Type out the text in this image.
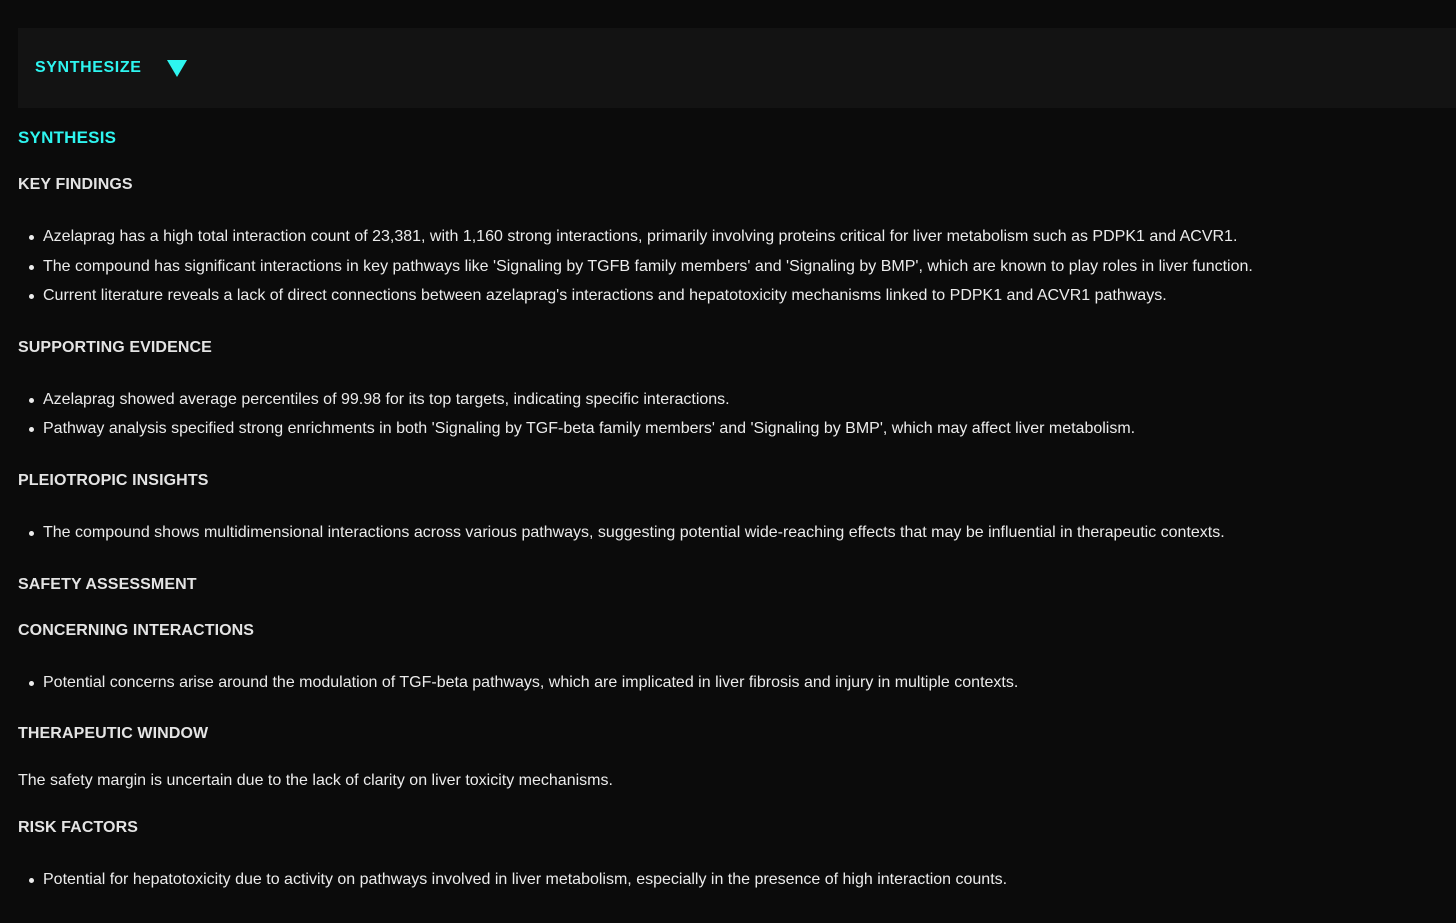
SYNTHESIZE
SYNTHESIS
KEY FINDINGS
Azelaprag has a high total interaction count of 23,381, with 1,160 strong interactions, primarily involving proteins critical for liver metabolism such as PDPK1 and ACVR1.
The compound has significant interactions in key pathways like 'Signaling by TGFB family members' and 'Signaling by BMP', which are known to play roles in liver function.
Current literature reveals a lack of direct connections between azelaprag's interactions and hepatotoxicity mechanisms linked to PDPK1 and ACVR1 pathways.
SUPPORTING EVIDENCE
Azelaprag showed average percentiles of 99.98 for its top targets, indicating specific interactions.
Pathway analysis specified strong enrichments in both 'Signaling by TGF-beta family members' and 'Signaling by BMP', which may affect liver metabolism.
PLEIOTROPIC INSIGHTS
The compound shows multidimensional interactions across various pathways, suggesting potential wide-reaching effects that may be influential in therapeutic contexts.
SAFETY ASSESSMENT
CONCERNING INTERACTIONS
Potential concerns arise around the modulation of TGF-beta pathways, which are implicated in liver fibrosis and injury in multiple contexts.
THERAPEUTIC WINDOW
The safety margin is uncertain due to the lack of clarity on liver toxicity mechanisms.
RISK FACTORS
Potential for hepatotoxicity due to activity on pathways involved in liver metabolism, especially in the presence of high interaction counts.
